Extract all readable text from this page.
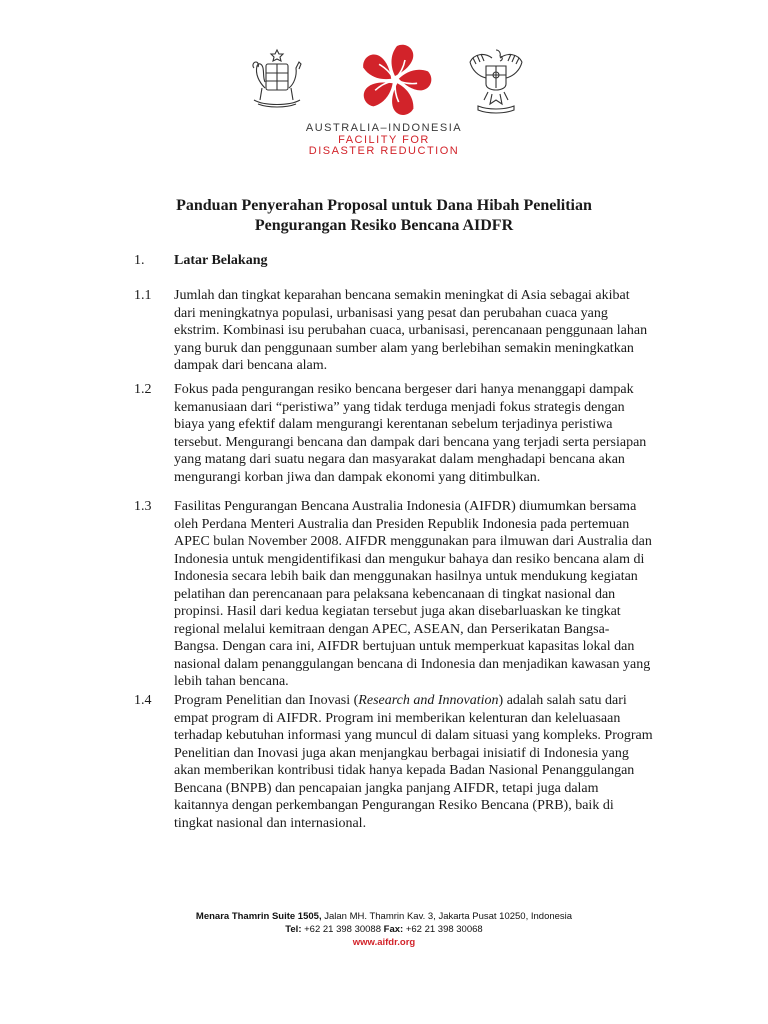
AUSTRALIA–INDONESIA
FACILITY FOR
DISASTER REDUCTION
Panduan Penyerahan Proposal untuk Dana Hibah Penelitian
Pengurangan Resiko Bencana AIDFR
1. Latar Belakang
1.1 Jumlah dan tingkat keparahan bencana semakin meningkat di Asia sebagai akibat dari meningkatnya populasi, urbanisasi yang pesat dan perubahan cuaca yang ekstrim. Kombinasi isu perubahan cuaca, urbanisasi, perencanaan penggunaan lahan yang buruk dan penggunaan sumber alam yang berlebihan semakin meningkatkan dampak dari bencana alam.
1.2 Fokus pada pengurangan resiko bencana bergeser dari hanya menanggapi dampak kemanusiaan dari “peristiwa” yang tidak terduga menjadi fokus strategis dengan biaya yang efektif dalam mengurangi kerentanan sebelum terjadinya peristiwa tersebut. Mengurangi bencana dan dampak dari bencana yang terjadi serta persiapan yang matang dari suatu negara dan masyarakat dalam menghadapi bencana akan mengurangi korban jiwa dan dampak ekonomi yang ditimbulkan.
1.3 Fasilitas Pengurangan Bencana Australia Indonesia (AIFDR) diumumkan bersama oleh Perdana Menteri Australia dan Presiden Republik Indonesia pada pertemuan APEC bulan November 2008. AIFDR menggunakan para ilmuwan dari Australia dan Indonesia untuk mengidentifikasi dan mengukur bahaya dan resiko bencana alam di Indonesia secara lebih baik dan menggunakan hasilnya untuk mendukung kegiatan pelatihan dan perencanaan para pelaksana kebencanaan di tingkat nasional dan propinsi. Hasil dari kedua kegiatan tersebut juga akan disebarluaskan ke tingkat regional melalui kemitraan dengan APEC, ASEAN, dan Perserikatan Bangsa-Bangsa. Dengan cara ini, AIFDR bertujuan untuk memperkuat kapasitas lokal dan nasional dalam penanggulangan bencana di Indonesia dan menjadikan kawasan yang lebih tahan bencana.
1.4 Program Penelitian dan Inovasi (Research and Innovation) adalah salah satu dari empat program di AIFDR. Program ini memberikan kelenturan dan keleluasaan terhadap kebutuhan informasi yang muncul di dalam situasi yang kompleks. Program Penelitian dan Inovasi juga akan menjangkau berbagai inisiatif di Indonesia yang akan memberikan kontribusi tidak hanya kepada Badan Nasional Penanggulangan Bencana (BNPB) dan pencapaian jangka panjang AIFDR, tetapi juga dalam kaitannya dengan perkembangan Pengurangan Resiko Bencana (PRB), baik di tingkat nasional dan internasional.
Menara Thamrin Suite 1505, Jalan MH. Thamrin Kav. 3, Jakarta Pusat 10250, Indonesia
Tel: +62 21 398 30088 Fax: +62 21 398 30068
www.aifdr.org
